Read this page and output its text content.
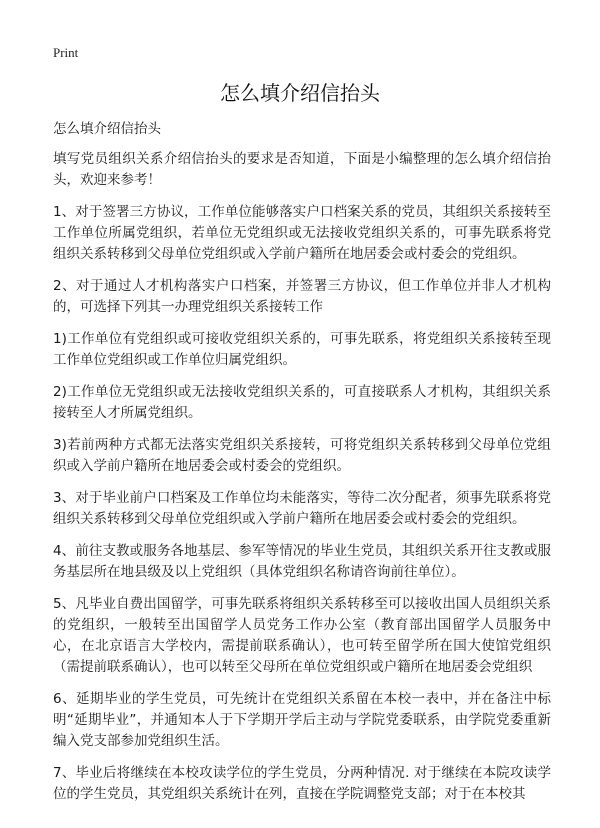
Print
怎么填介绍信抬头

怎么填介绍信抬头

填写党员组织关系介绍信抬头的要求是否知道，下面是小编整理的怎么填介绍信抬头，欢迎来参考！

1、对于签署三方协议，工作单位能够落实户口档案关系的党员，其组织关系接转至工作单位所属党组织，若单位无党组织或无法接收党组织关系的，可事先联系将党组织关系转移到父母单位党组织或入学前户籍所在地居委会或村委会的党组织。

2、对于通过人才机构落实户口档案，并签署三方协议，但工作单位并非人才机构的，可选择下列其一办理党组织关系接转工作

1)工作单位有党组织或可接收党组织关系的，可事先联系，将党组织关系接转至现工作单位党组织或工作单位归属党组织。

2)工作单位无党组织或无法接收党组织关系的，可直接联系人才机构，其组织关系接转至人才所属党组织。

3)若前两种方式都无法落实党组织关系接转，可将党组织关系转移到父母单位党组织或入学前户籍所在地居委会或村委会的党组织。

3、对于毕业前户口档案及工作单位均未能落实，等待二次分配者，须事先联系将党组织关系转移到父母单位党组织或入学前户籍所在地居委会或村委会的党组织。

4、前往支教或服务各地基层、参军等情况的毕业生党员，其组织关系开往支教或服务基层所在地县级及以上党组织（具体党组织名称请咨询前往单位）。

5、凡毕业自费出国留学，可事先联系将组织关系转移至可以接收出国人员组织关系的党组织，一般转至出国留学人员党务工作办公室（教育部出国留学人员服务中心，在北京语言大学校内，需提前联系确认），也可转至留学所在国大使馆党组织（需提前联系确认），也可以转至父母所在单位党组织或户籍所在地居委会党组织

6、延期毕业的学生党员，可先统计在党组织关系留在本校一表中，并在备注中标明“延期毕业”，并通知本人于下学期开学后主动与学院党委联系，由学院党委重新编入党支部参加党组织生活。

7、毕业后将继续在本校攻读学位的学生党员，分两种情况. 对于继续在本院攻读学位的学生党员，其党组织关系统计在列，直接在学院调整党支部；对于在本校其
